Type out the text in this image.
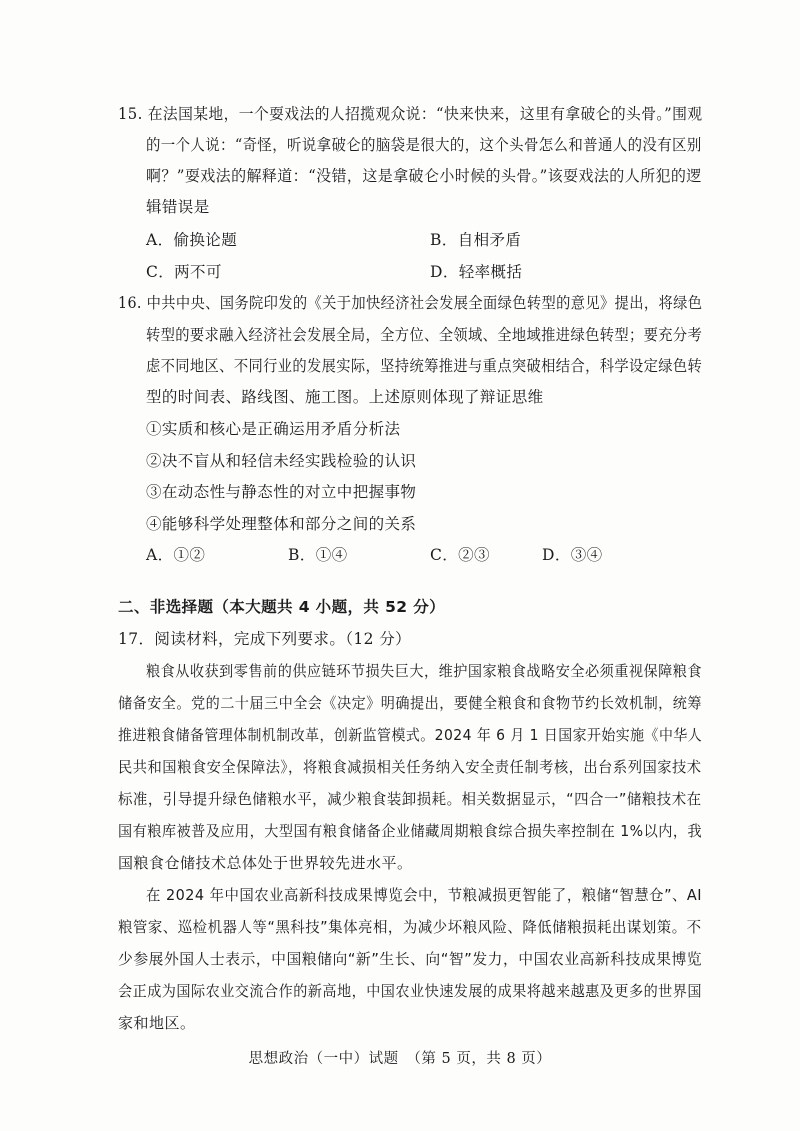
15. 在法国某地，一个耍戏法的人招揽观众说：“快来快来，这里有拿破仑的头骨。”围观
的一个人说：“奇怪，听说拿破仑的脑袋是很大的，这个头骨怎么和普通人的没有区别
啊？”耍戏法的解释道：“没错，这是拿破仑小时候的头骨。”该耍戏法的人所犯的逻
辑错误是
A．偷换论题	B．自相矛盾
C．两不可	D．轻率概括
16. 中共中央、国务院印发的《关于加快经济社会发展全面绿色转型的意见》提出，将绿色
转型的要求融入经济社会发展全局，全方位、全领域、全地域推进绿色转型；要充分考
虑不同地区、不同行业的发展实际，坚持统筹推进与重点突破相结合，科学设定绿色转
型的时间表、路线图、施工图。上述原则体现了辩证思维
①实质和核心是正确运用矛盾分析法
②决不盲从和轻信未经实践检验的认识
③在动态性与静态性的对立中把握事物
④能够科学处理整体和部分之间的关系
A．①②	B．①④	C．②③	D．③④
二、非选择题（本大题共 4 小题，共 52 分）
17．阅读材料，完成下列要求。（12 分）
粮食从收获到零售前的供应链环节损失巨大，维护国家粮食战略安全必须重视保障粮食
储备安全。党的二十届三中全会《决定》明确提出，要健全粮食和食物节约长效机制，统筹
推进粮食储备管理体制机制改革，创新监管模式。2024 年 6 月 1 日国家开始实施《中华人
民共和国粮食安全保障法》，将粮食减损相关任务纳入安全责任制考核，出台系列国家技术
标准，引导提升绿色储粮水平，减少粮食装卸损耗。相关数据显示，“四合一”储粮技术在
国有粮库被普及应用，大型国有粮食储备企业储藏周期粮食综合损失率控制在 1%以内，我
国粮食仓储技术总体处于世界较先进水平。
在 2024 年中国农业高新科技成果博览会中，节粮减损更智能了，粮储“智慧仓”、AI
粮管家、巡检机器人等“黑科技”集体亮相，为减少坏粮风险、降低储粮损耗出谋划策。不
少参展外国人士表示，中国粮储向“新”生长、向“智”发力，中国农业高新科技成果博览
会正成为国际农业交流合作的新高地，中国农业快速发展的成果将越来越惠及更多的世界国
家和地区。
思想政治（一中）试题　（第 5 页，共 8 页）
